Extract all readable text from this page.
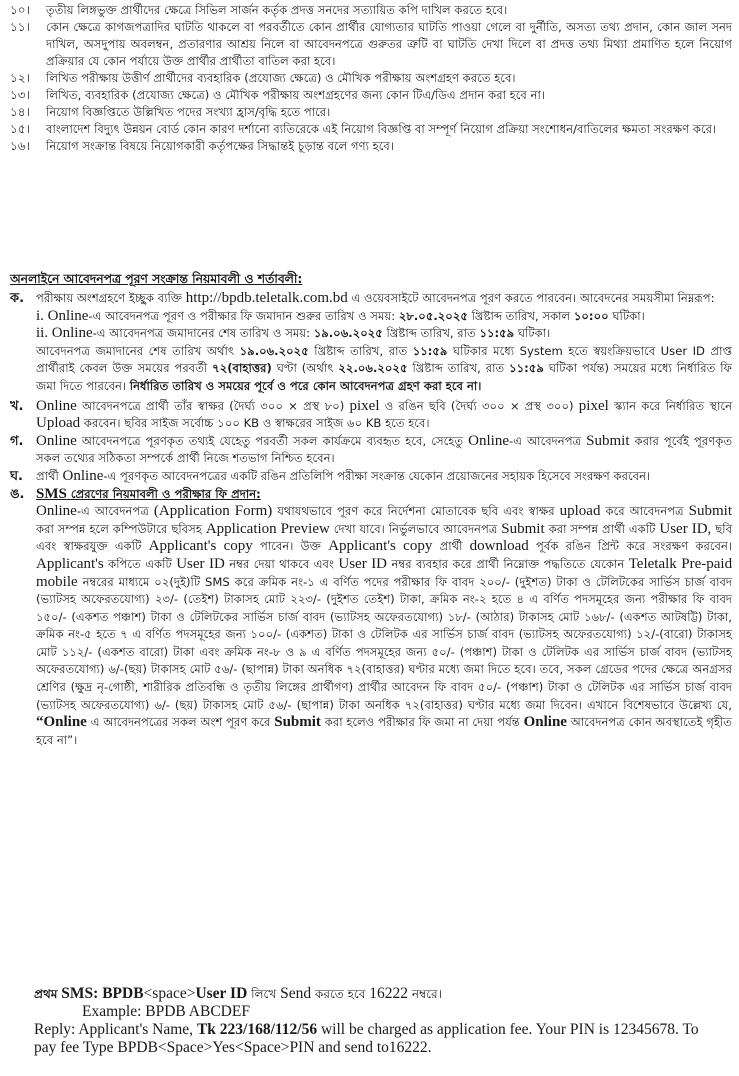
১০।	তৃতীয় লিঙ্গভুক্ত প্রার্থীদের ক্ষেত্রে সিভিল সার্জন কর্তৃক প্রদত্ত সনদের সত্যায়িত কপি দাখিল করতে হবে।
১১।	কোন ক্ষেত্রে কাগজপত্রাদির ঘাটতি থাকলে বা পরবর্তীতে কোন প্রার্থীর যোগ্যতার ঘাটতি পাওয়া গেলে বা দুর্নীতি, অসত্য তথ্য প্রদান, কোন জাল সনদ দাখিল, অসদুপায় অবলম্বন, প্রতারণার আশ্রয় নিলে বা আবেদনপত্রে গুরুতর ত্রুটি বা ঘাটতি দেখা দিলে বা প্রদত্ত তথ্য মিথ্যা প্রমাণিত হলে নিয়োগ প্রক্রিয়ার যে কোন পর্যায়ে উক্ত প্রার্থীর প্রার্থীতা বাতিল করা হবে।
১২।	লিখিত পরীক্ষায় উত্তীর্ণ প্রার্থীদের ব্যবহারিক (প্রযোজ্য ক্ষেত্রে) ও মৌখিক পরীক্ষায় অংশগ্রহণ করতে হবে।
১৩।	লিখিত, ব্যবহারিক (প্রযোজ্য ক্ষেত্রে) ও মৌখিক পরীক্ষায় অংশগ্রহণের জন্য কোন টিএ/ডিএ প্রদান করা হবে না।
১৪।	নিয়োগ বিজ্ঞপ্তিতে উল্লিখিত পদের সংখ্যা হ্রাস/বৃদ্ধি হতে পারে।
১৫।	বাংলাদেশ বিদ্যুৎ উন্নয়ন বোর্ড কোন কারণ দর্শানো ব্যতিরেকে এই নিয়োগ বিজ্ঞপ্তি বা সম্পূর্ণ নিয়োগ প্রক্রিয়া সংশোধন/বাতিলের ক্ষমতা সংরক্ষণ করে।
১৬।	নিয়োগ সংক্রান্ত বিষয়ে নিয়োগকারী কর্তৃপক্ষের সিদ্ধান্তই চূড়ান্ত বলে গণ্য হবে।
অনলাইনে আবেদনপত্র পূরণ সংক্রান্ত নিয়মাবলী ও শর্তাবলী:
ক.	পরীক্ষায় অংশগ্রহণে ইচ্ছুক ব্যক্তি http://bpdb.teletalk.com.bd এ ওয়েবসাইটে আবেদনপত্র পূরণ করতে পারবেন। আবেদনের সময়সীমা নিম্নরূপ:
i. Online-এ আবেদনপত্র পূরণ ও পরীক্ষার ফি জমাদান শুরুর তারিখ ও সময়: ২৮.০৫.২০২৫ খ্রিষ্টাব্দ তারিখ, সকাল ১০:০০ ঘটিকা।
ii. Online-এ আবেদনপত্র জমাদানের শেষ তারিখ ও সময়: ১৯.০৬.২০২৫ খ্রিষ্টাব্দ তারিখ, রাত ১১:৫৯ ঘটিকা।
আবেদনপত্র জমাদানের শেষ তারিখ অর্থাৎ ১৯.০৬.২০২৫ খ্রিষ্টাব্দ তারিখ, রাত ১১:৫৯ ঘটিকার মধ্যে System হতে স্বয়ংক্রিয়ভাবে User ID প্রাপ্ত প্রার্থীরাই কেবল উক্ত সময়ের পরবর্তী ৭২(বাহাত্তর) ঘণ্টা (অর্থাৎ ২২.০৬.২০২৫ খ্রিষ্টাব্দ তারিখ, রাত ১১:৫৯ ঘটিকা পর্যন্ত) সময়ের মধ্যে নির্ধারিত ফি জমা দিতে পারবেন। নির্ধারিত তারিখ ও সময়ের পূর্বে ও পরে কোন আবেদনপত্র গ্রহণ করা হবে না।
খ. Online আবেদনপত্রে প্রার্থী তাঁর স্বাক্ষর (দৈর্ঘ্য ৩০০ × প্রস্থ ৮০) pixel ও রঙিন ছবি (দৈর্ঘ্য ৩০০ × প্রস্থ ৩০০) pixel স্ক্যান করে নির্ধারিত স্থানে Upload করবেন। ছবির সাইজ সর্বোচ্চ ১০০ KB ও স্বাক্ষরের সাইজ ৬০ KB হতে হবে।
গ. Online আবেদনপত্রে পূরণকৃত তথ্যই যেহেতু পরবর্তী সকল কার্যক্রমে ব্যবহৃত হবে, সেহেতু Online-এ আবেদনপত্র Submit করার পূর্বেই পূরণকৃত সকল তথ্যের সঠিকতা সম্পর্কে প্রার্থী নিজে শতভাগ নিশ্চিত হবেন।
ঘ.	প্রার্থী Online-এ পূরণকৃত আবেদনপত্রের একটি রঙিন প্রতিলিপি পরীক্ষা সংক্রান্ত যেকোন প্রয়োজনের সহায়ক হিসেবে সংরক্ষণ করবেন।
ঙ. SMS প্রেরণের নিয়মাবলী ও পরীক্ষার ফি প্রদান:
Online-এ আবেদনপত্র (Application Form) যথাযথভাবে পূরণ করে নির্দেশনা মোতাবেক ছবি এবং স্বাক্ষর upload করে আবেদনপত্র Submit করা সম্পন্ন হলে কম্পিউটারে ছবিসহ Application Preview দেখা যাবে। নির্ভুলভাবে আবেদনপত্র Submit করা সম্পন্ন প্রার্থী একটি User ID, ছবি এবং স্বাক্ষরযুক্ত একটি Applicant's copy পাবেন। উক্ত Applicant's copy প্রার্থী download পূর্বক রঙিন প্রিন্ট করে সংরক্ষণ করবেন। Applicant's কপিতে একটি User ID নম্বর দেয়া থাকবে এবং User ID নম্বর ব্যবহার করে প্রার্থী নিম্নোক্ত পদ্ধতিতে যেকোন Teletalk Pre-paid mobile নম্বরের মাধ্যমে ০২(দুই)টি SMS করে ক্রমিক নং-১ এ বর্ণিত পদের পরীক্ষার ফি বাবদ ২০০/- (দুইশত) টাকা ও টেলিটকের সার্ভিস চার্জ বাবদ (ভ্যাটসহ অফেরতযোগ্য) ২৩/- (তেইশ) টাকাসহ মোট ২২৩/- (দুইশত তেইশ) টাকা, ক্রমিক নং-২ হতে ৪ এ বর্ণিত পদসমূহের জন্য পরীক্ষার ফি বাবদ ১৫০/- (একশত পঞ্চাশ) টাকা ও টেলিটকের সার্ভিস চার্জ বাবদ (ভ্যাটসহ অফেরতযোগ্য) ১৮/- (আঠার) টাকাসহ মোট ১৬৮/- (একশত আটষট্টি) টাকা, ক্রমিক নং-৫ হতে ৭ এ বর্ণিত পদসমূহের জন্য ১০০/- (একশত) টাকা ও টেলিটক এর সার্ভিস চার্জ বাবদ (ভ্যাটসহ অফেরতযোগ্য) ১২/-(বারো) টাকাসহ মোট ১১২/- (একশত বারো) টাকা এবং ক্রমিক নং-৮ ও ৯ এ বর্ণিত পদসমূহের জন্য ৫০/- (পঞ্চাশ) টাকা ও টেলিটক এর সার্ভিস চার্জ বাবদ (ভ্যাটসহ অফেরতযোগ্য) ৬/-(ছয়) টাকাসহ মোট ৫৬/- (ছাপান্ন) টাকা অনধিক ৭২(বাহাত্তর) ঘণ্টার মধ্যে জমা দিতে হবে। তবে, সকল গ্রেডের পদের ক্ষেত্রে অনগ্রসর শ্রেণির (ক্ষুদ্র নৃ-গোষ্ঠী, শারীরিক প্রতিবন্ধি ও তৃতীয় লিঙ্গের প্রার্থীগণ) প্রার্থীর আবেদন ফি বাবদ ৫০/- (পঞ্চাশ) টাকা ও টেলিটক এর সার্ভিস চার্জ বাবদ (ভ্যাটসহ অফেরতযোগ্য) ৬/- (ছয়) টাকাসহ মোট ৫৬/- (ছাপান্ন) টাকা অনধিক ৭২(বাহাত্তর) ঘণ্টার মধ্যে জমা দিবেন। এখানে বিশেষভাবে উল্লেখ্য যে, “Online এ আবেদনপত্রের সকল অংশ পূরণ করে Submit করা হলেও পরীক্ষার ফি জমা না দেয়া পর্যন্ত Online আবেদনপত্র কোন অবস্থাতেই গৃহীত হবে না”।
প্রথম SMS: BPDB<space>User ID লিখে Send করতে হবে 16222 নম্বরে।
Example: BPDB ABCDEF
Reply: Applicant's Name, Tk 223/168/112/56 will be charged as application fee. Your PIN is 12345678. To pay fee Type BPDB<Space>Yes<Space>PIN and send to16222.
